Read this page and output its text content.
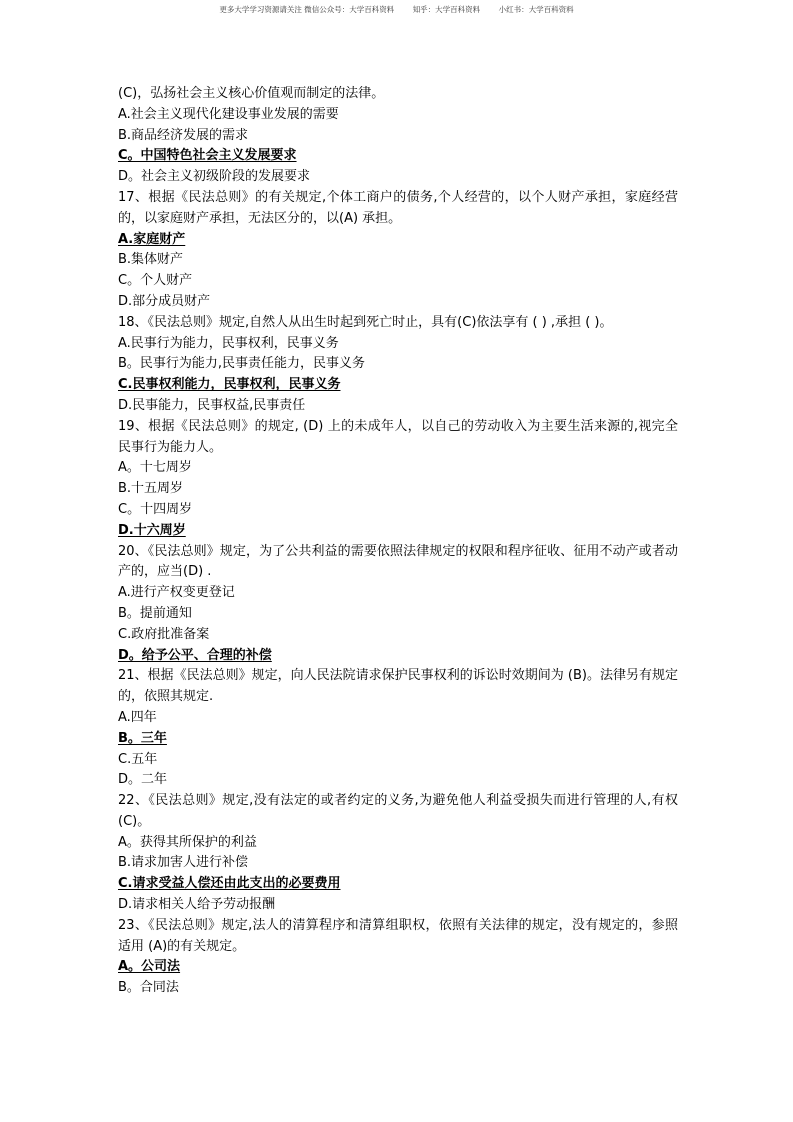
更多大学学习资源请关注 微信公众号：大学百科资料 知乎：大学百科资料 小红书：大学百科资料
(C)，弘扬社会主义核心价值观而制定的法律。
A.社会主义现代化建设事业发展的需要
B.商品经济发展的需求
C。中国特色社会主义发展要求
D。社会主义初级阶段的发展要求
17、根据《民法总则》的有关规定,个体工商户的债务,个人经营的，以个人财产承担，家庭经营的，以家庭财产承担，无法区分的，以(A) 承担。
A.家庭财产
B.集体财产
C。个人财产
D.部分成员财产
18、《民法总则》规定,自然人从出生时起到死亡时止，具有(C)依法享有 ( ) ,承担 ( )。
A.民事行为能力，民事权利，民事义务
B。民事行为能力,民事责任能力，民事义务
C.民事权利能力，民事权利，民事义务
D.民事能力，民事权益,民事责任
19、根据《民法总则》的规定, (D) 上的未成年人，以自己的劳动收入为主要生活来源的,视完全民事行为能力人。
A。十七周岁
B.十五周岁
C。十四周岁
D.十六周岁
20、《民法总则》规定，为了公共利益的需要依照法律规定的权限和程序征收、征用不动产或者动产的，应当(D) .
A.进行产权变更登记
B。提前通知
C.政府批准备案
D。给予公平、合理的补偿
21、根据《民法总则》规定，向人民法院请求保护民事权利的诉讼时效期间为 (B)。法律另有规定的，依照其规定.
A.四年
B。三年
C.五年
D。二年
22、《民法总则》规定,没有法定的或者约定的义务,为避免他人利益受损失而进行管理的人,有权 (C)。
A。获得其所保护的利益
B.请求加害人进行补偿
C.请求受益人偿还由此支出的必要费用
D.请求相关人给予劳动报酬
23、《民法总则》规定,法人的清算程序和清算组职权，依照有关法律的规定，没有规定的，参照适用 (A)的有关规定。
A。公司法
B。合同法
